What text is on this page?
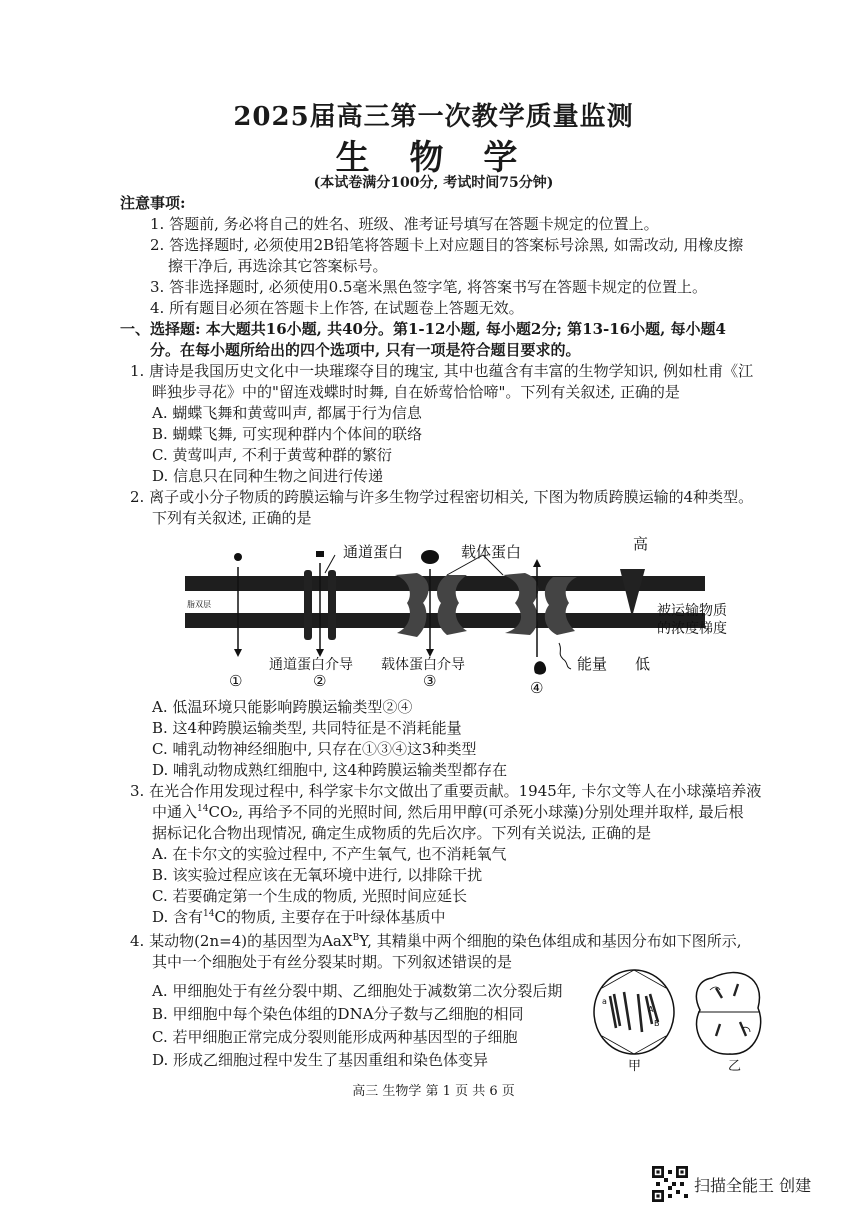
2025届高三第一次教学质量监测
生 物 学
(本试卷满分100分, 考试时间75分钟)
注意事项:
1. 答题前, 务必将自己的姓名、班级、准考证号填写在答题卡规定的位置上。
2. 答选择题时, 必须使用2B铅笔将答题卡上对应题目的答案标号涂黑, 如需改动, 用橡皮擦
擦干净后, 再选涂其它答案标号。
3. 答非选择题时, 必须使用0.5毫米黑色签字笔, 将答案书写在答题卡规定的位置上。
4. 所有题目必须在答题卡上作答, 在试题卷上答题无效。
一、选择题: 本大题共16小题, 共40分。第1-12小题, 每小题2分; 第13-16小题, 每小题4
分。在每小题所给出的四个选项中, 只有一项是符合题目要求的。
1. 唐诗是我国历史文化中一块璀璨夺目的瑰宝, 其中也蕴含有丰富的生物学知识, 例如杜甫《江
畔独步寻花》中的"留连戏蝶时时舞, 自在娇莺恰恰啼"。下列有关叙述, 正确的是
A. 蝴蝶飞舞和黄莺叫声, 都属于行为信息
B. 蝴蝶飞舞, 可实现种群内个体间的联络
C. 黄莺叫声, 不利于黄莺种群的繁衍
D. 信息只在同种生物之间进行传递
2. 离子或小分子物质的跨膜运输与许多生物学过程密切相关, 下图为物质跨膜运输的4种类型。
下列有关叙述, 正确的是
通道蛋白	载体蛋白	高
脂双层	被运输物质
的浓度梯度
通道蛋白介导 载体蛋白介导	能量 低
①	②	③	④
A. 低温环境只能影响跨膜运输类型②④
B. 这4种跨膜运输类型, 共同特征是不消耗能量
C. 哺乳动物神经细胞中, 只存在①③④这3种类型
D. 哺乳动物成熟红细胞中, 这4种跨膜运输类型都存在
3. 在光合作用发现过程中, 科学家卡尔文做出了重要贡献。1945年, 卡尔文等人在小球藻培养液
中通入$^{14}$CO₂, 再给予不同的光照时间, 然后用甲醇(可杀死小球藻)分别处理并取样, 最后根
据标记化合物出现情况, 确定生成物质的先后次序。下列有关说法, 正确的是
A. 在卡尔文的实验过程中, 不产生氧气, 也不消耗氧气
B. 该实验过程应该在无氧环境中进行, 以排除干扰
C. 若要确定第一个生成的物质, 光照时间应延长
D. 含有$^{14}$C的物质, 主要存在于叶绿体基质中
4. 某动物(2n=4)的基因型为AaX$^B$Y, 其精巢中两个细胞的染色体组成和基因分布如下图所示,
其中一个细胞处于有丝分裂某时期。下列叙述错误的是
A. 甲细胞处于有丝分裂中期、乙细胞处于减数第二次分裂后期
B. 甲细胞中每个染色体组的DNA分子数与乙细胞的相同
C. 若甲细胞正常完成分裂则能形成两种基因型的子细胞
D. 形成乙细胞过程中发生了基因重组和染色体变异
a
A
B
甲	乙
高三 生物学 第 1 页 共 6 页
扫描全能王 创建
